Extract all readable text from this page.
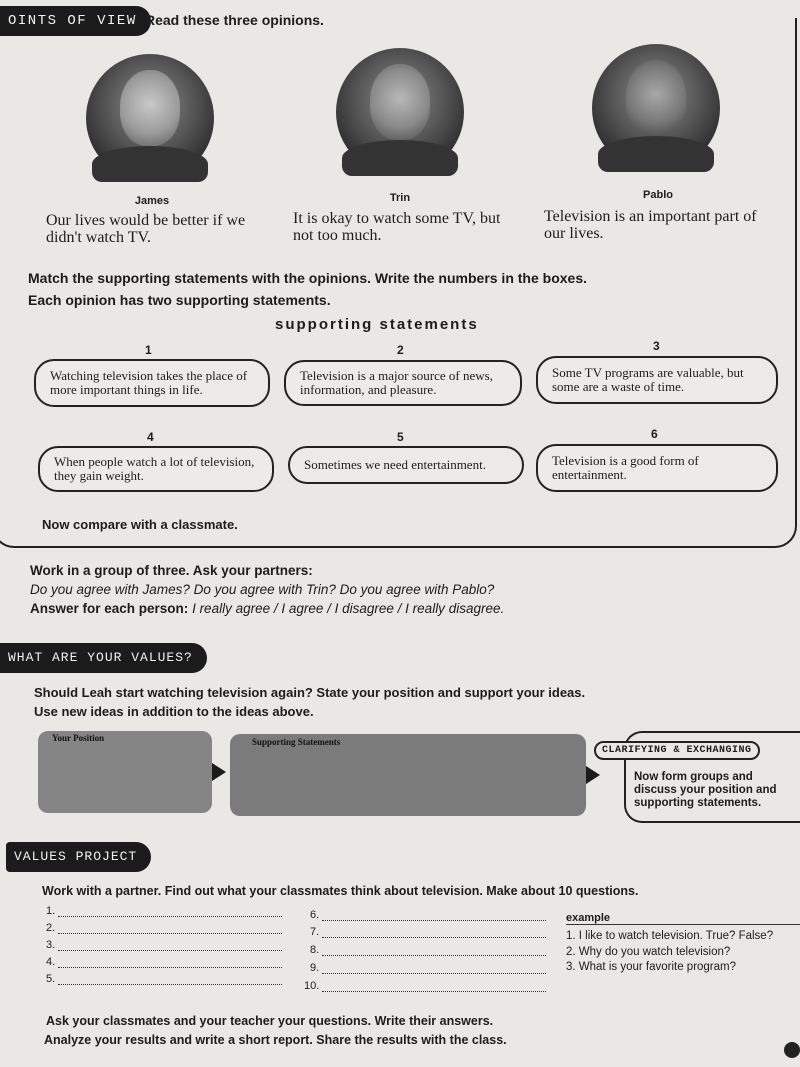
OINTS OF VIEW Read these three opinions.
James	Trin	Pablo
Our lives would be better if we didn't watch TV.
It is okay to watch some TV, but not too much.
Television is an important part of our lives.
Match the supporting statements with the opinions. Write the numbers in the boxes.
Each opinion has two supporting statements.
supporting statements
1
Watching television takes the place of more important things in life.
2
Television is a major source of news, information, and pleasure.
3
Some TV programs are valuable, but some are a waste of time.
4
When people watch a lot of television, they gain weight.
5
Sometimes we need entertainment.
6
Television is a good form of entertainment.
Now compare with a classmate.
Work in a group of three. Ask your partners:
Do you agree with James? Do you agree with Trin? Do you agree with Pablo?
Answer for each person: I really agree / I agree / I disagree / I really disagree.
WHAT ARE YOUR VALUES?
Should Leah start watching television again? State your position and support your ideas.
Use new ideas in addition to the ideas above.
Your Position	Supporting Statements
CLARIFYING & EXCHANGING
Now form groups and discuss your position and supporting statements.
VALUES PROJECT
Work with a partner. Find out what your classmates think about television. Make about 10 questions.
1.
2.
3.
4.
5.
6.
7.
8.
9.
10.
example
1. I like to watch television. True? False?
2. Why do you watch television?
3. What is your favorite program?
Ask your classmates and your teacher your questions. Write their answers.
Analyze your results and write a short report. Share the results with the class.
